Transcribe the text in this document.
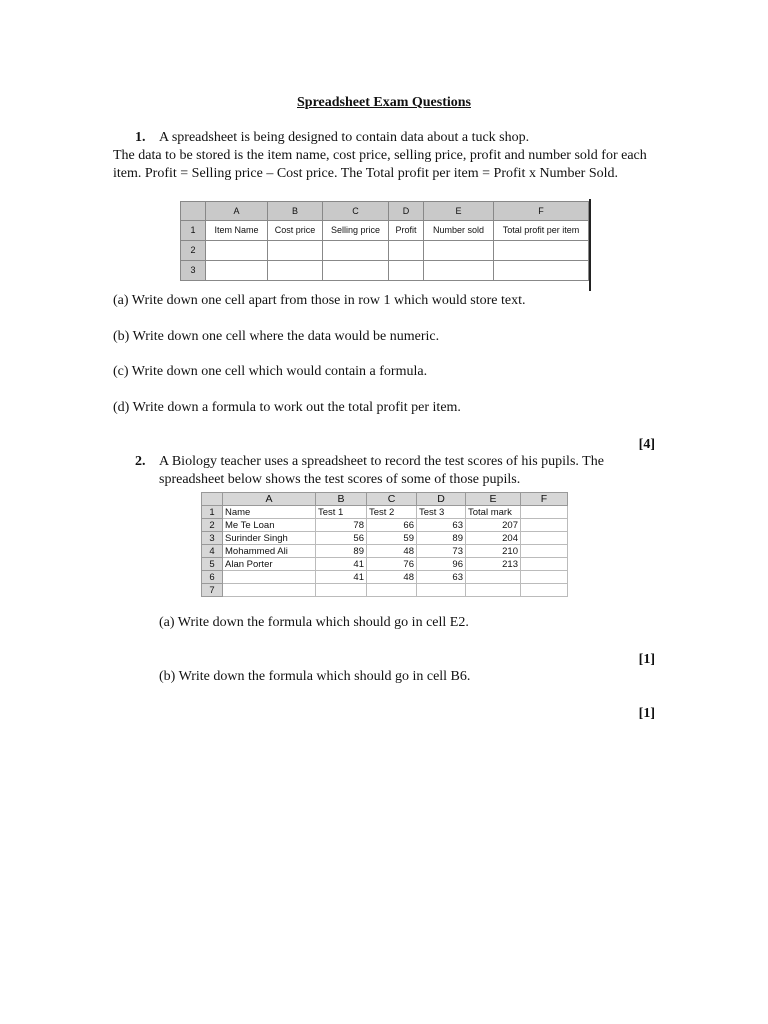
Spreadsheet Exam Questions
1. A spreadsheet is being designed to contain data about a tuck shop.
The data to be stored is the item name, cost price, selling price, profit and number sold for each item. Profit = Selling price – Cost price. The Total profit per item = Profit x Number Sold.
	A	B	C	D	E	F
1	Item Name	Cost price	Selling price	Profit	Number sold	Total profit per item
2						
3						
(a) Write down one cell apart from those in row 1 which would store text.
(b) Write down one cell where the data would be numeric.
(c) Write down one cell which would contain a formula.
(d) Write down a formula to work out the total profit per item.
[4]
2. A Biology teacher uses a spreadsheet to record the test scores of his pupils. The spreadsheet below shows the test scores of some of those pupils.
	A	B	C	D	E	F
1	Name	Test 1	Test 2	Test 3	Total mark	
2	Me Te Loan	78	66	63	207	
3	Surinder Singh	56	59	89	204	
4	Mohammed Ali	89	48	73	210	
5	Alan Porter	41	76	96	213	
6		41	48	63		
7						
(a) Write down the formula which should go in cell E2.
[1]
(b) Write down the formula which should go in cell B6.
[1]
